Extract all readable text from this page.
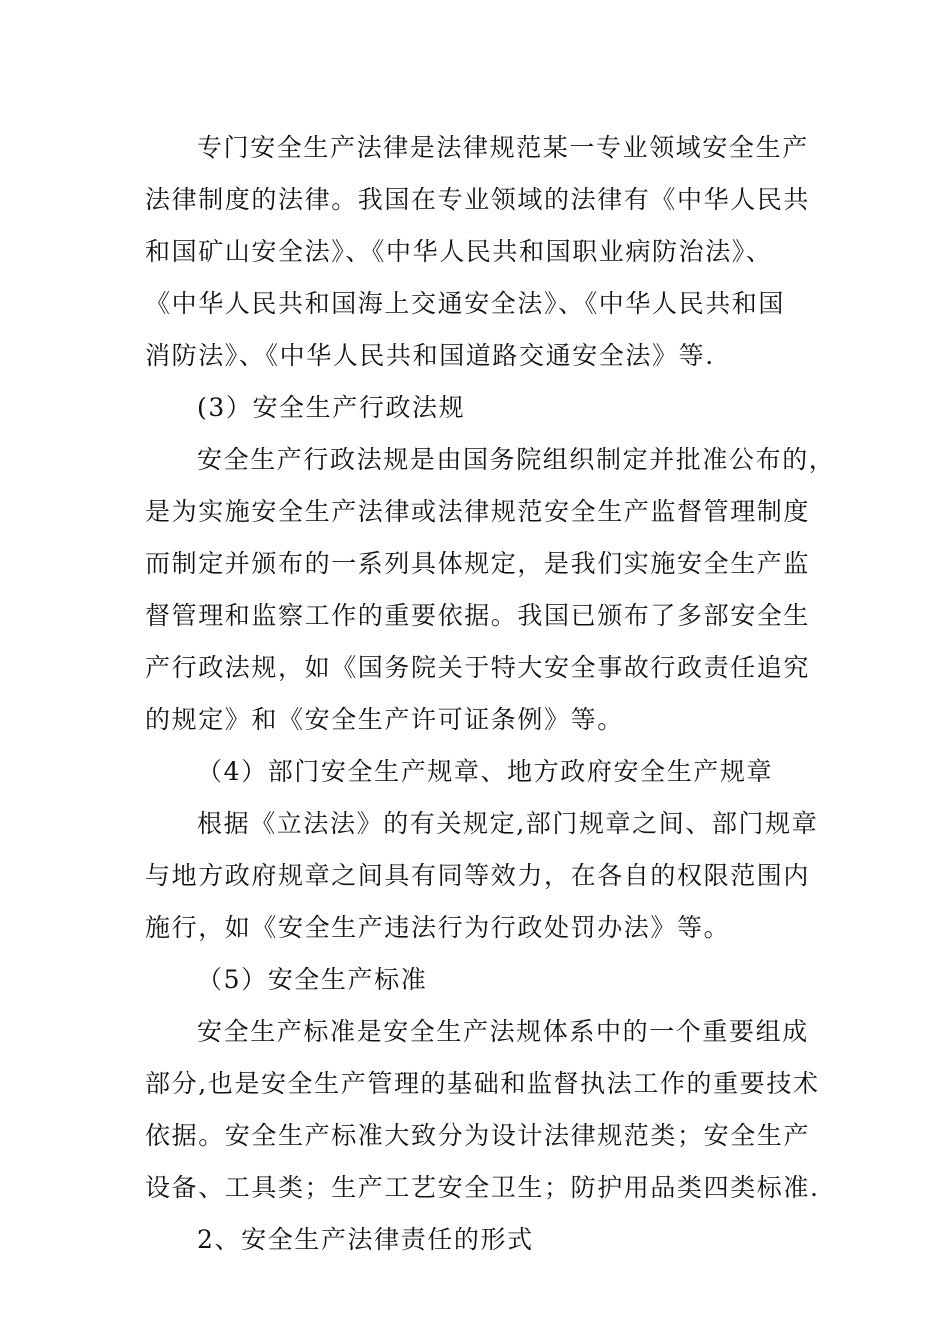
专门安全生产法律是法律规范某一专业领域安全生产
法律制度的法律。我国在专业领域的法律有《中华人民共
和国矿山安全法》、《中华人民共和国职业病防治法》、
《中华人民共和国海上交通安全法》、《中华人民共和国
消防法》、《中华人民共和国道路交通安全法》等.
(3）安全生产行政法规
安全生产行政法规是由国务院组织制定并批准公布的，
是为实施安全生产法律或法律规范安全生产监督管理制度
而制定并颁布的一系列具体规定，是我们实施安全生产监
督管理和监察工作的重要依据。我国已颁布了多部安全生
产行政法规，如《国务院关于特大安全事故行政责任追究
的规定》和《安全生产许可证条例》等。
（4）部门安全生产规章、地方政府安全生产规章
根据《立法法》的有关规定,部门规章之间、部门规章
与地方政府规章之间具有同等效力，在各自的权限范围内
施行，如《安全生产违法行为行政处罚办法》等。
（5）安全生产标准
安全生产标准是安全生产法规体系中的一个重要组成
部分,也是安全生产管理的基础和监督执法工作的重要技术
依据。安全生产标准大致分为设计法律规范类；安全生产
设备、工具类；生产工艺安全卫生；防护用品类四类标准.
2、安全生产法律责任的形式
